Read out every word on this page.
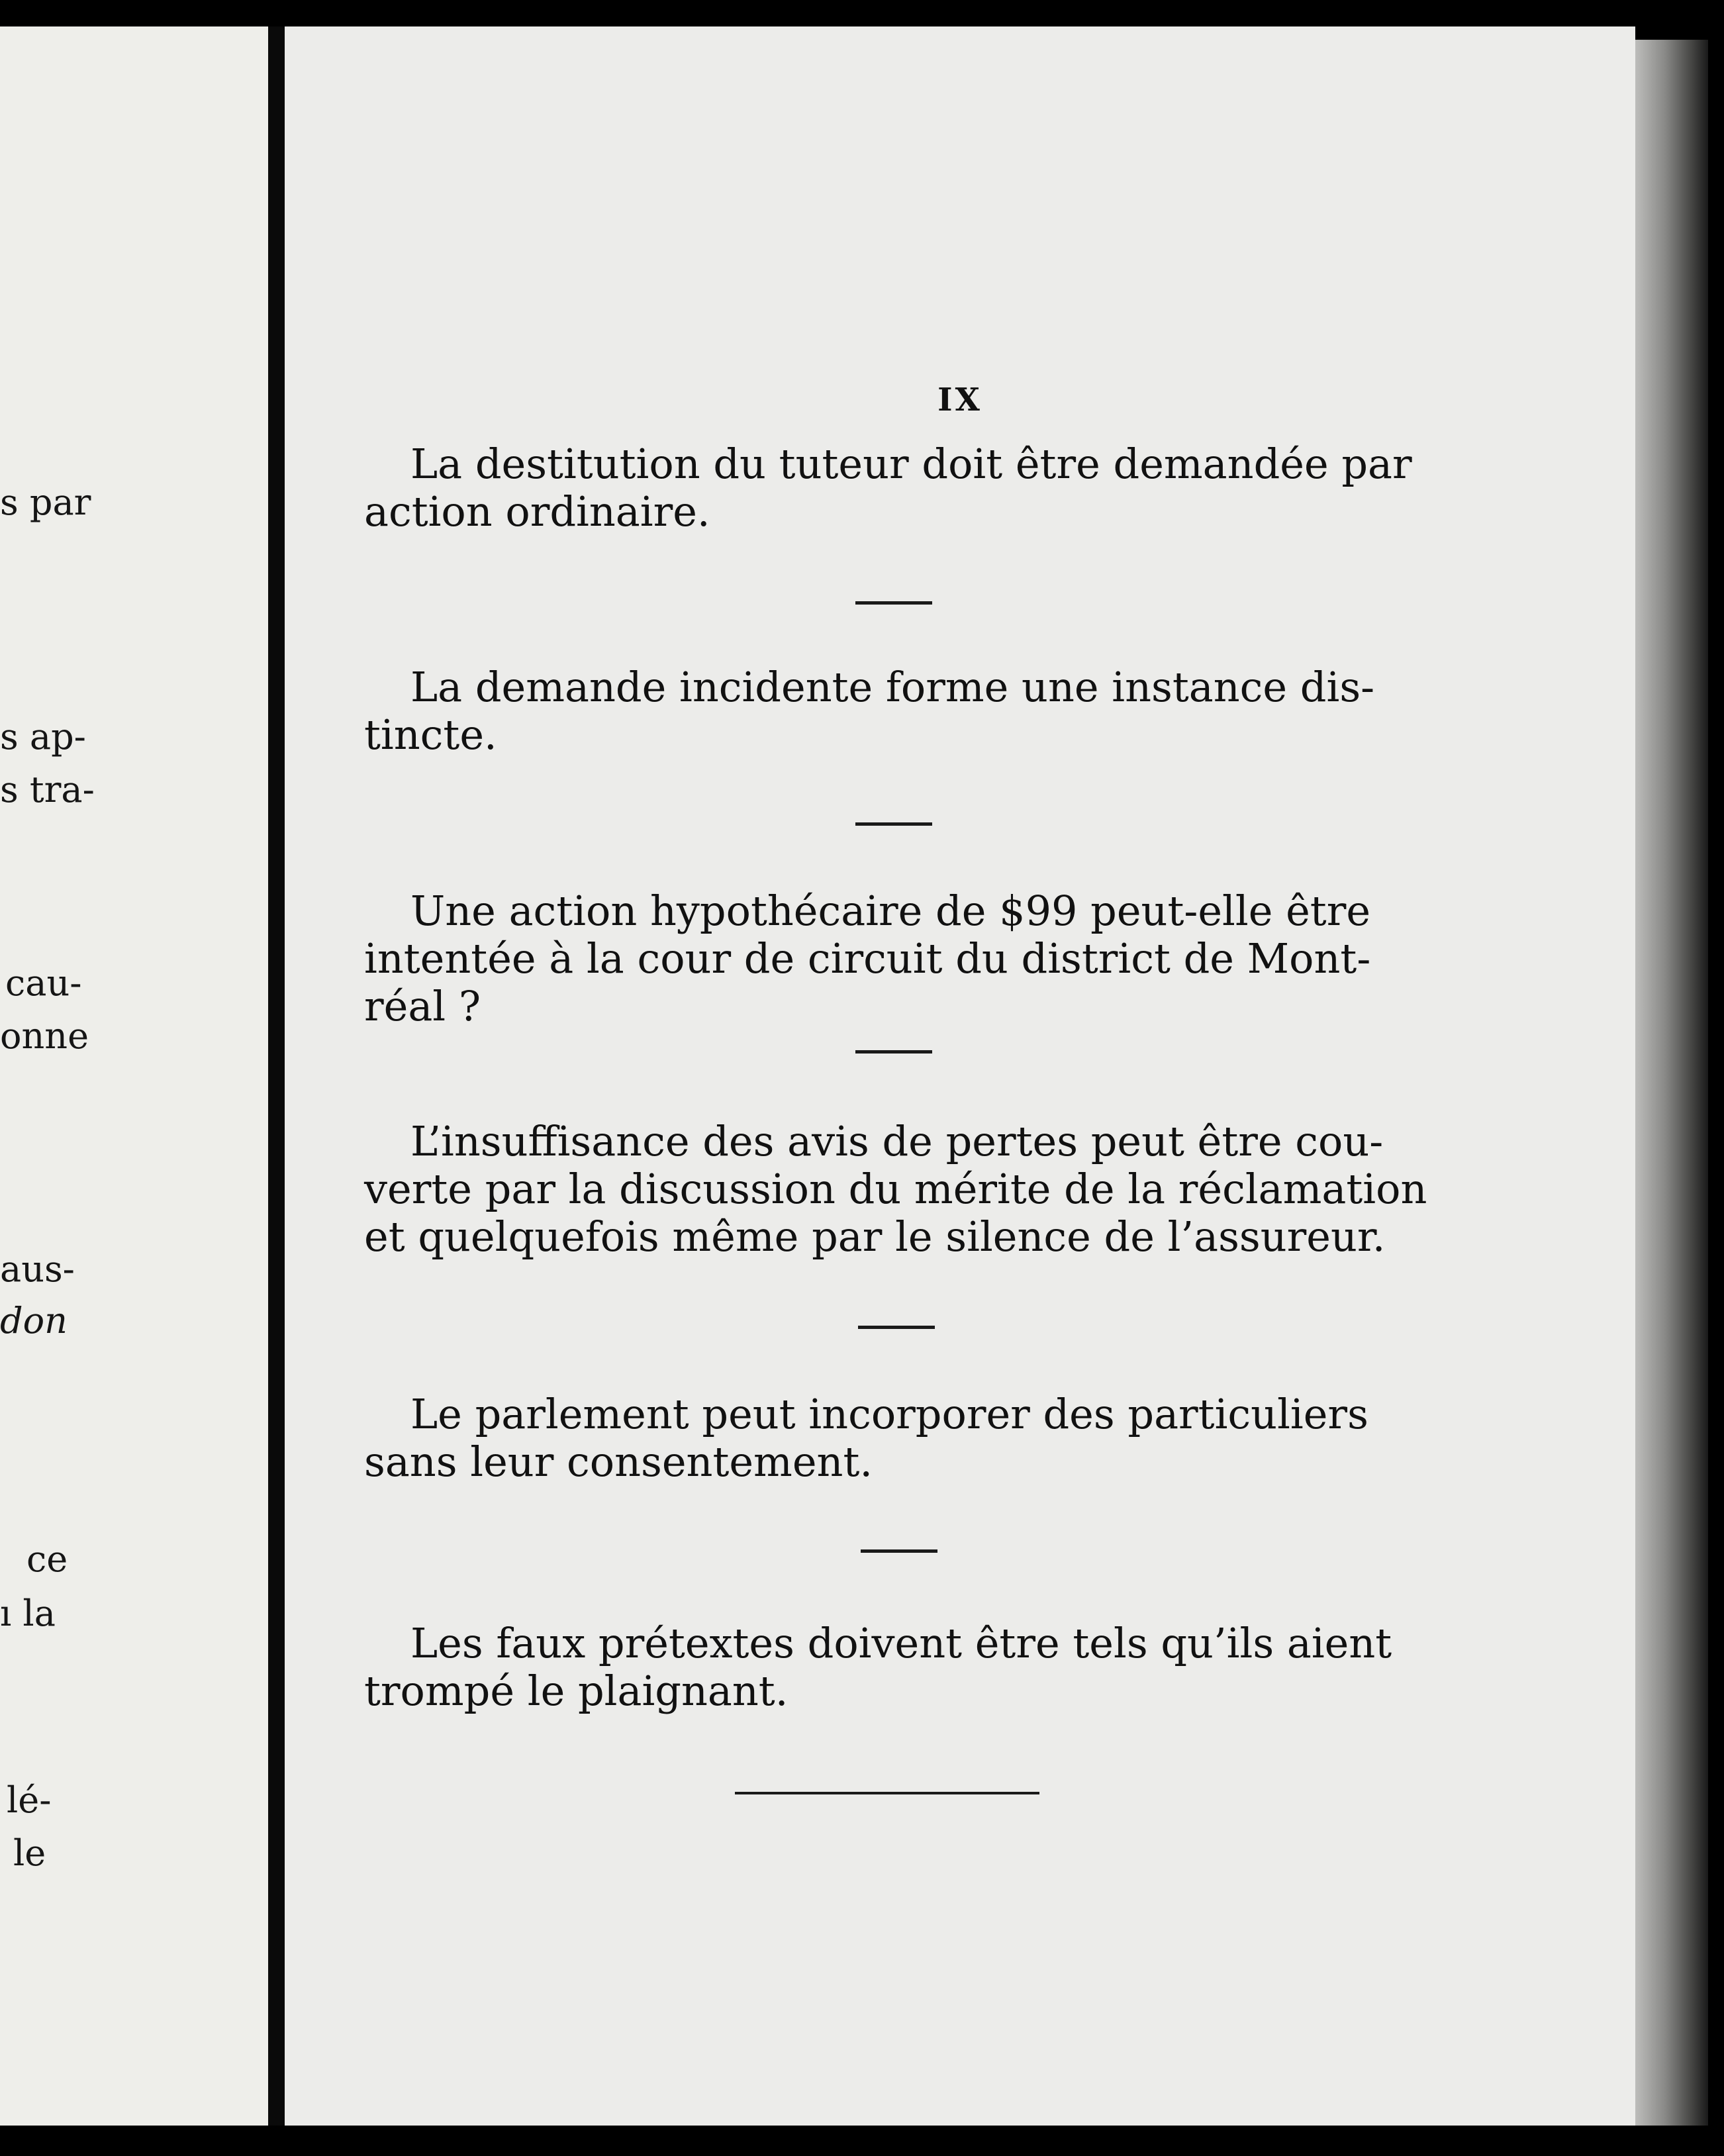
s par
s ap-
s tra-
cau-
onne
aus-
don
ce
ı la
lé-
le
IX
La destitution du tuteur doit être demandée par
action ordinaire.
La demande incidente forme une instance dis-
tincte.
Une action hypothécaire de $99 peut-elle être
intentée à la cour de circuit du district de Mont-
réal ?
L’insuffisance des avis de pertes peut être cou-
verte par la discussion du mérite de la réclamation
et quelquefois même par le silence de l’assureur.
Le parlement peut incorporer des particuliers
sans leur consentement.
Les faux prétextes doivent être tels qu’ils aient
trompé le plaignant.
